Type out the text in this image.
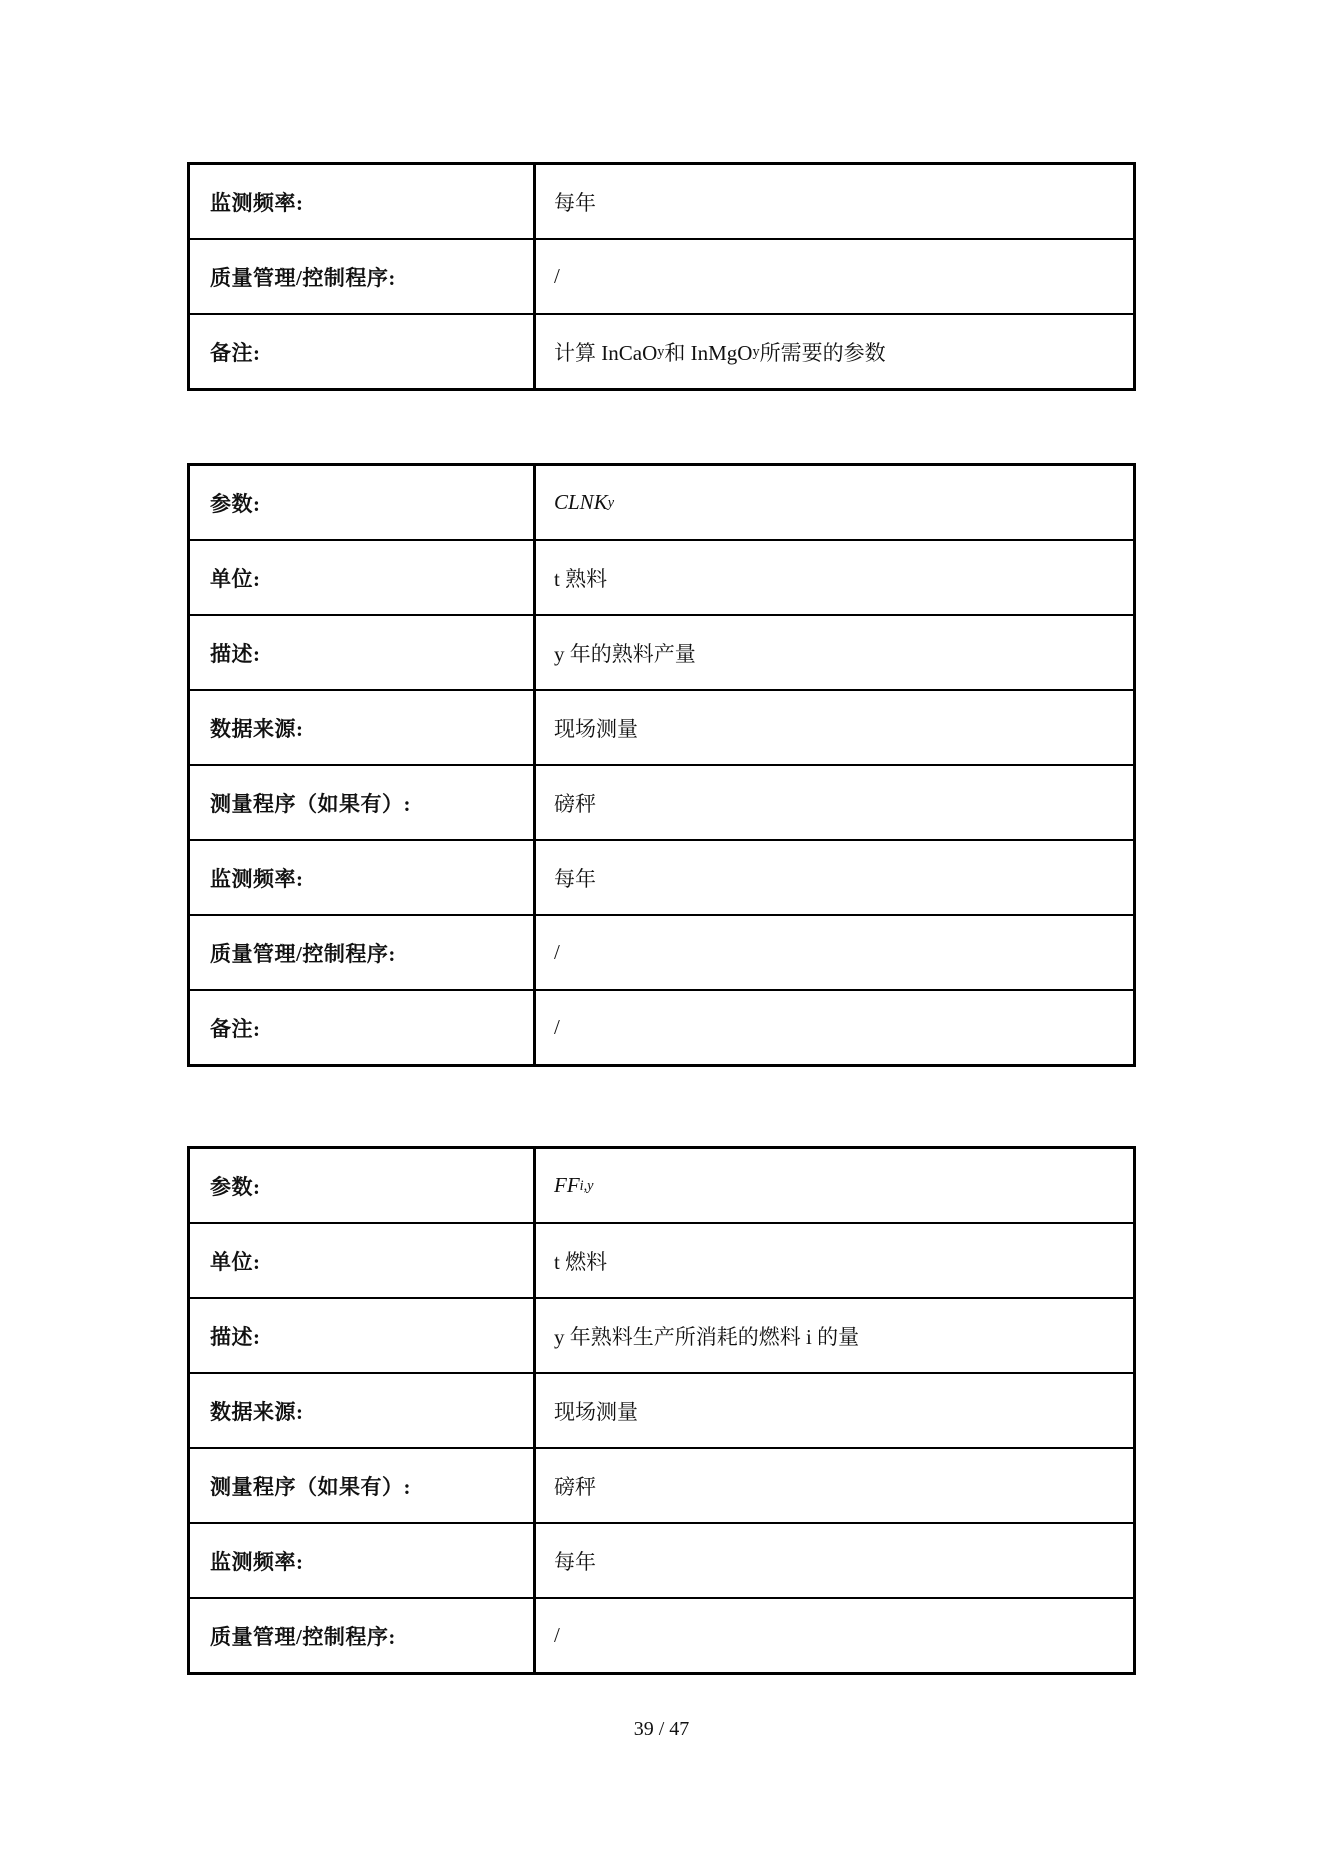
监测频率:	每年
质量管理/控制程序:	/
备注:	计算 InCaO y 和 InMgO y 所需要的参数
参数:	CLNK y
单位:	t 熟料
描述:	y 年的熟料产量
数据来源:	现场测量
测量程序（如果有）:	磅秤
监测频率:	每年
质量管理/控制程序:	/
备注:	/
参数:	FF i,y
单位:	t 燃料
描述:	y 年熟料生产所消耗的燃料 i 的量
数据来源:	现场测量
测量程序（如果有）:	磅秤
监测频率:	每年
质量管理/控制程序:	/
39 / 47
